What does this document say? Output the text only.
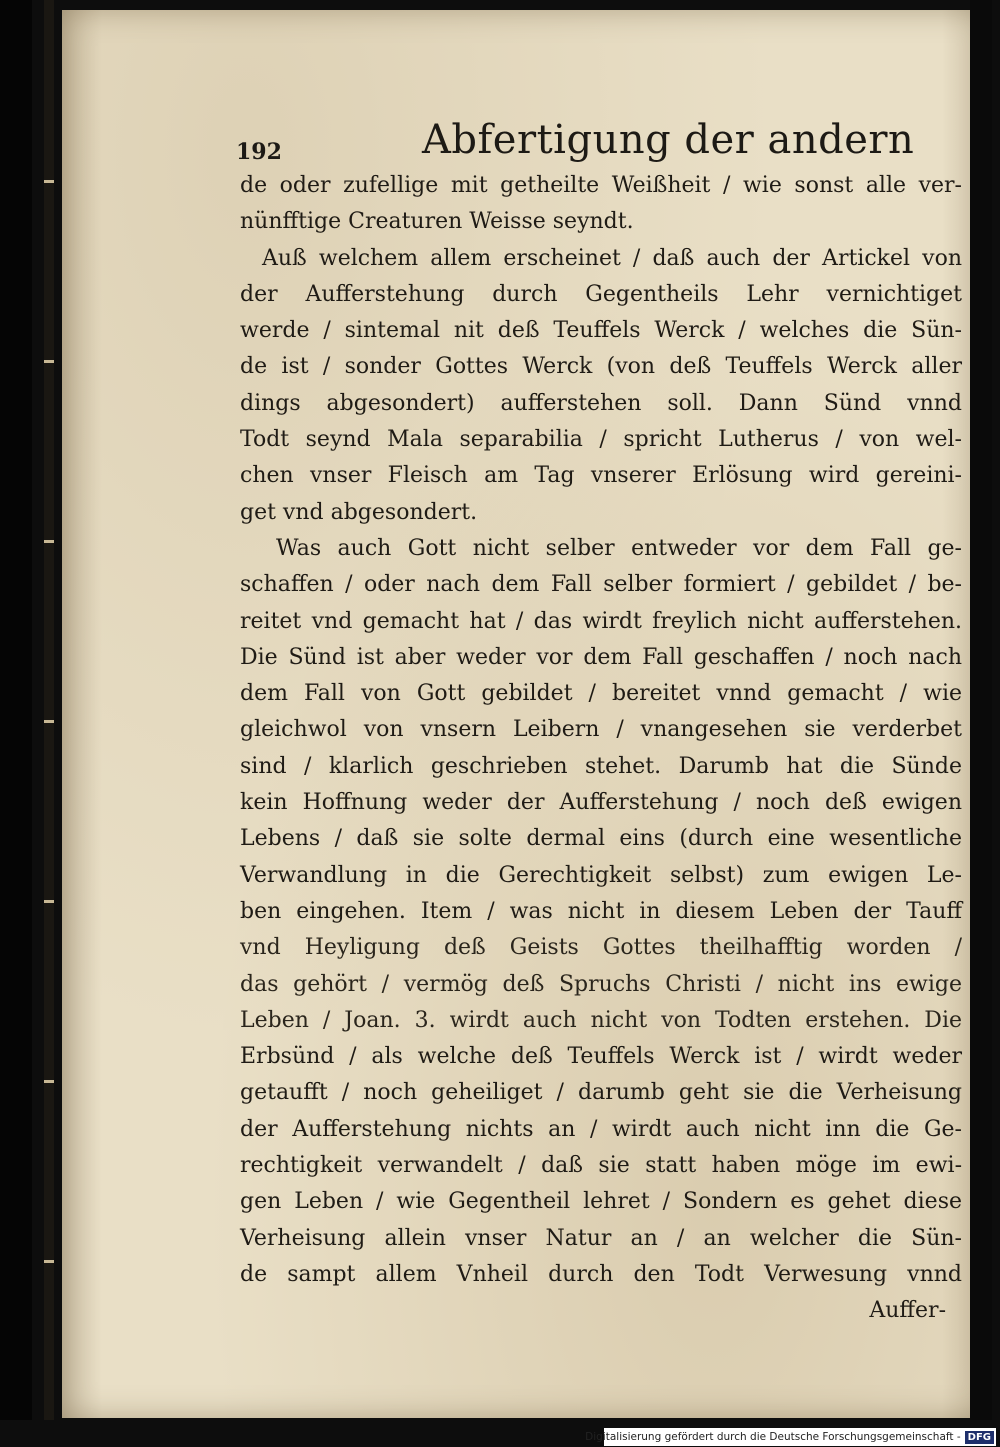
192	Abfertigung der andern
de oder zufellige mit getheilte Weißheit / wie sonst alle ver-
nünfftige Creaturen Weisse seyndt.
Auß welchem allem erscheinet / daß auch der Artickel von
der Aufferstehung durch Gegentheils Lehr vernichtiget
werde / sintemal nit deß Teuffels Werck / welches die Sün-
de ist / sonder Gottes Werck (von deß Teuffels Werck aller
dings abgesondert) aufferstehen soll. Dann Sünd vnnd
Todt seynd Mala separabilia / spricht Lutherus / von wel-
chen vnser Fleisch am Tag vnserer Erlösung wird gereini-
get vnd abgesondert.
Was auch Gott nicht selber entweder vor dem Fall ge-
schaffen / oder nach dem Fall selber formiert / gebildet / be-
reitet vnd gemacht hat / das wirdt freylich nicht aufferstehen.
Die Sünd ist aber weder vor dem Fall geschaffen / noch nach
dem Fall von Gott gebildet / bereitet vnnd gemacht / wie
gleichwol von vnsern Leibern / vnangesehen sie verderbet
sind / klarlich geschrieben stehet. Darumb hat die Sünde
kein Hoffnung weder der Aufferstehung / noch deß ewigen
Lebens / daß sie solte dermal eins (durch eine wesentliche
Verwandlung in die Gerechtigkeit selbst) zum ewigen Le-
ben eingehen. Item / was nicht in diesem Leben der Tauff
vnd Heyligung deß Geists Gottes theilhafftig worden /
das gehört / vermög deß Spruchs Christi / nicht ins ewige
Leben / Joan. 3. wirdt auch nicht von Todten erstehen. Die
Erbsünd / als welche deß Teuffels Werck ist / wirdt weder
getaufft / noch geheiliget / darumb geht sie die Verheisung
der Aufferstehung nichts an / wirdt auch nicht inn die Ge-
rechtigkeit verwandelt / daß sie statt haben möge im ewi-
gen Leben / wie Gegentheil lehret / Sondern es gehet diese
Verheisung allein vnser Natur an / an welcher die Sün-
de sampt allem Vnheil durch den Todt Verwesung vnnd
Auffer-
Digitalisierung gefördert durch die Deutsche Forschungsgemeinschaft - DFG
